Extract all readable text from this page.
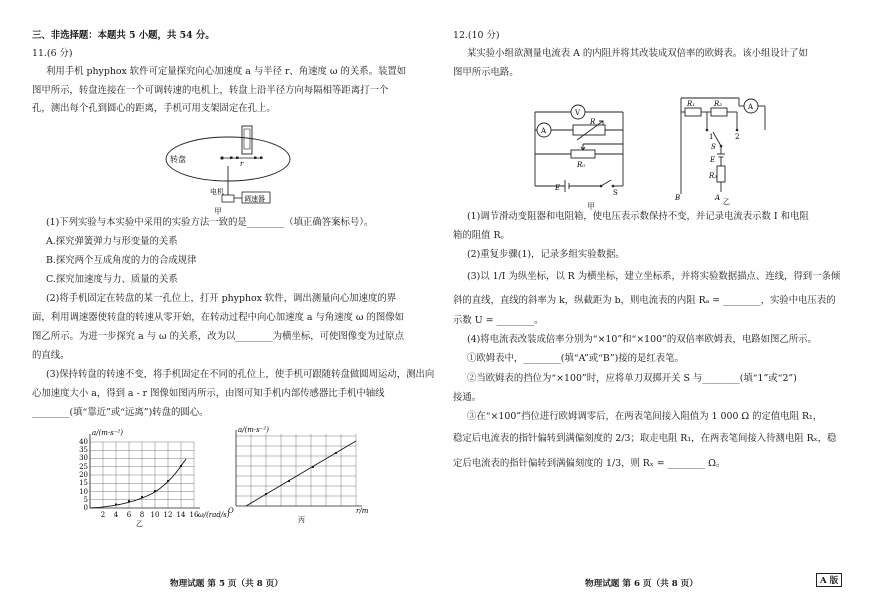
三、非选择题：本题共 5 小题，共 54 分。
11.(6 分)
利用手机 phyphox 软件可定量探究向心加速度 a 与半径 r、角速度 ω 的关系。装置如
图甲所示，转盘连接在一个可调转速的电机上，转盘上沿半径方向每隔相等距离打一个
孔，测出每个孔到圆心的距离，手机可用支架固定在孔上。
转盘	r
电机
调速器
甲
(1)下列实验与本实验中采用的实验方法一致的是________（填正确答案标号）。
A.探究弹簧弹力与形变量的关系
B.探究两个互成角度的力的合成规律
C.探究加速度与力、质量的关系
(2)将手机固定在转盘的某一孔位上，打开 phyphox 软件，调出测量向心加速度的界
面，利用调速器使转盘的转速从零开始，在转动过程中向心加速度 a 与角速度 ω 的图像如
图乙所示。为进一步探究 a 与 ω 的关系，改为以________为横坐标，可使图像变为过原点
的直线。
(3)保持转盘的转速不变，将手机固定在不同的孔位上，使手机可跟随转盘做圆周运动，测出向
心加速度大小 a，得到 a - r 图像如图丙所示，由图可知手机内部传感器比手机中轴线
________(填“靠近”或“远离”)转盘的圆心。
40
35
30
25
20
15
10
5
0
2 4 6 8 10 12 14 16
a/(m·s⁻²)
ω/(rad/s)
乙
a/(m·s⁻²)
O	r/m
丙
物理试题 第 5 页（共 8 页）
12.(10 分)
某实验小组欲测量电流表 A 的内阻并将其改装成双倍率的欧姆表。该小组设计了如
图甲所示电路。
V
A
R
R₀
E
S
甲
R₁	R₂	A
1	2
S
E
R₃
A
B	乙
(1)调节滑动变阻器和电阻箱，使电压表示数保持不变，并记录电流表示数 I 和电阻
箱的阻值 R。
(2)重复步骤(1)，记录多组实验数据。
(3)以 1/I 为纵坐标，以 R 为横坐标，建立坐标系，并将实验数据描点、连线，得到一条倾
斜的直线，直线的斜率为 k，纵截距为 b，则电流表的内阻 Rₐ = ________，实验中电压表的
示数 U = ________。
(4)将电流表改装成倍率分别为“×10”和“×100”的双倍率欧姆表，电路如图乙所示。
①欧姆表中，________(填“A”或“B”)接的是红表笔。
②当欧姆表的挡位为“×100”时，应将单刀双掷开关 S 与________(填“1”或“2”)
接通。
③在“×100”挡位进行欧姆调零后，在两表笔间接入阻值为 1 000 Ω 的定值电阻 R₁，
稳定后电流表的指针偏转到满偏刻度的 2/3；取走电阻 R₁，在两表笔间接入待测电阻 Rₓ，稳
定后电流表的指针偏转到满偏刻度的 1/3，则 Rₓ = ________ Ω。
物理试题 第 6 页（共 8 页）	A 版
